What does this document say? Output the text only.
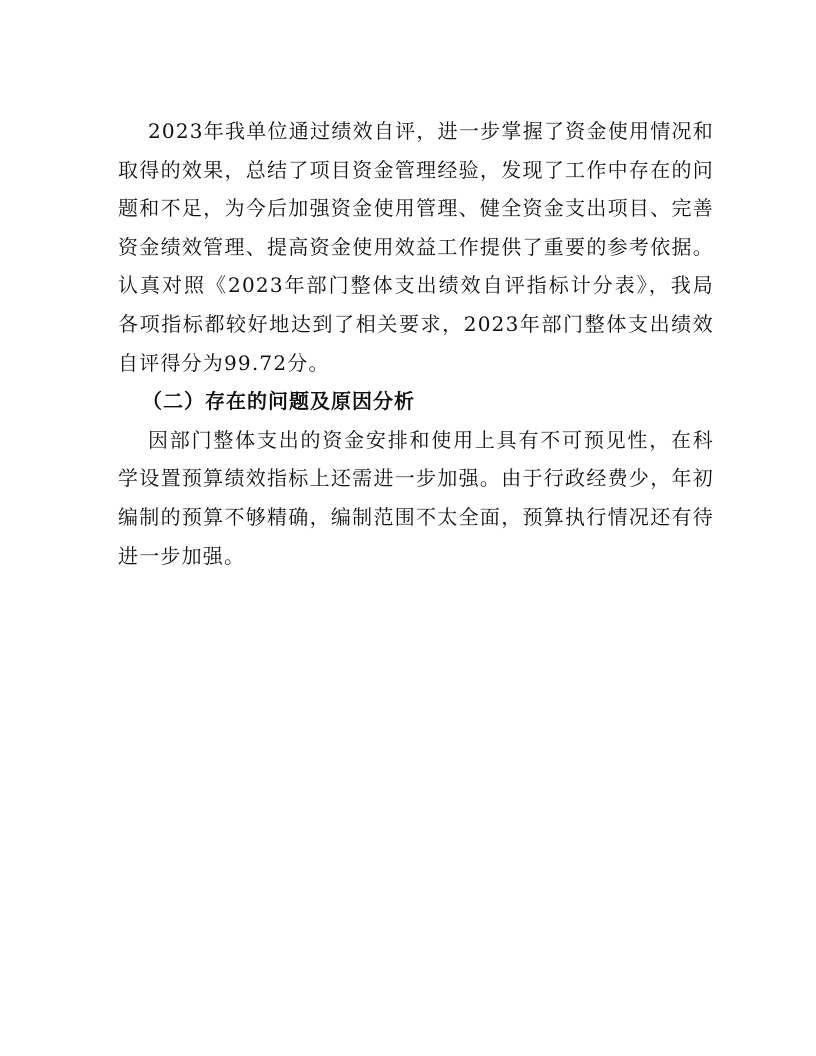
2023年我单位通过绩效自评，进一步掌握了资金使用情况和取得的效果，总结了项目资金管理经验，发现了工作中存在的问题和不足，为今后加强资金使用管理、健全资金支出项目、完善资金绩效管理、提高资金使用效益工作提供了重要的参考依据。认真对照《2023年部门整体支出绩效自评指标计分表》，我局各项指标都较好地达到了相关要求，2023年部门整体支出绩效自评得分为99.72分。

（二）存在的问题及原因分析

因部门整体支出的资金安排和使用上具有不可预见性，在科学设置预算绩效指标上还需进一步加强。由于行政经费少，年初编制的预算不够精确，编制范围不太全面，预算执行情况还有待进一步加强。
